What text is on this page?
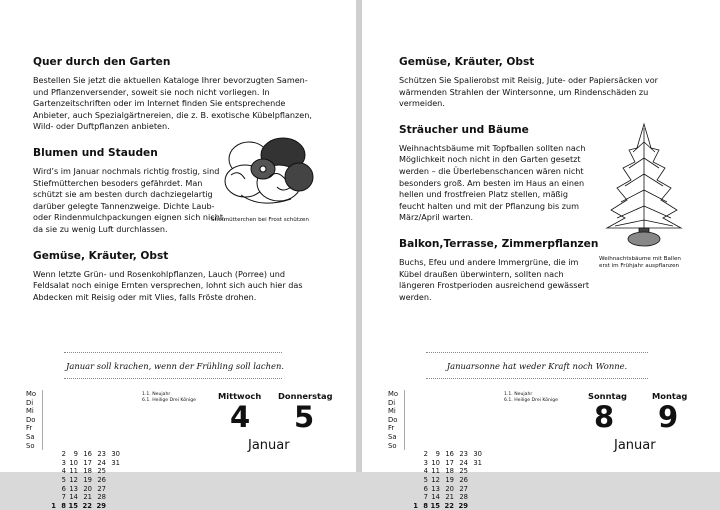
Quer durch den Garten

Bestellen Sie jetzt die aktuellen Kataloge Ihrer bevorzugten Samen- und Pflanzenversender, soweit sie noch nicht vorliegen. In Gartenzeitschriften oder im Internet finden Sie entsprechende Anbieter, auch Spezialgärtnereien, die z. B. exotische Kübelpflanzen, Wild- oder Duftpflanzen anbieten.

Blumen und Stauden

Wird’s im Januar nochmals richtig frostig, sind Stiefmütterchen besoders gefährdet. Man schützt sie am besten durch dachziegelartig darüber gelegte Tannenzweige. Dichte Laub- oder Rindenmulchpackungen eignen sich nicht, da sie zu wenig Luft durchlassen.

Stiefmütterchen bei Frost schützen
Gemüse, Kräuter, Obst

Wenn letzte Grün- und Rosenkohlpflanzen, Lauch (Porree) und Feldsalat noch einige Ernten versprechen, lohnt sich auch hier das Abdecken mit Reisig oder mit Vlies, falls Fröste drohen.

Januar soll krachen, wenn der Frühling soll lachen.
Mo
Di
Mi
Do
Fr
Sa
So
1
2
3
4
5
6
7
8
9
10
11
12
13
14
15
16
17
18
19
20
21
22
23
24
25
26
27
28
29
30
31
1.1. Neujahr
6.1. Heilige Drei Könige	Mittwoch
4
Donnerstag
5
Januar
Gemüse, Kräuter, Obst

Schützen Sie Spalierobst mit Reisig, Jute- oder Papiersäcken vor wärmenden Strahlen der Wintersonne, um Rindenschäden zu vermeiden.

Sträucher und Bäume

Weihnachtsbäume mit Topfballen sollten nach Möglichkeit noch nicht in den Garten gesetzt werden – die Überlebenschancen wären nicht besonders groß. Am besten im Haus an einen hellen und frostfreien Platz stellen, mäßig feucht halten und mit der Pflanzung bis zum März/April warten.

Balkon,Terrasse, Zimmerpflanzen

Buchs, Efeu und andere Immergrüne, die im Kübel draußen überwintern, sollten nach längeren Frostperioden ausreichend gewässert werden.

Weihnachtsbäume mit Ballen erst im Frühjahr auspflanzen
Januarsonne hat weder Kraft noch Wonne.
Mo
Di
Mi
Do
Fr
Sa
So
1
2
3
4
5
6
7
8
9
10
11
12
13
14
15
16
17
18
19
20
21
22
23
24
25
26
27
28
29
30
31
1.1. Neujahr
6.1. Heilige Drei Könige	Sonntag
8
Montag
9
Januar
